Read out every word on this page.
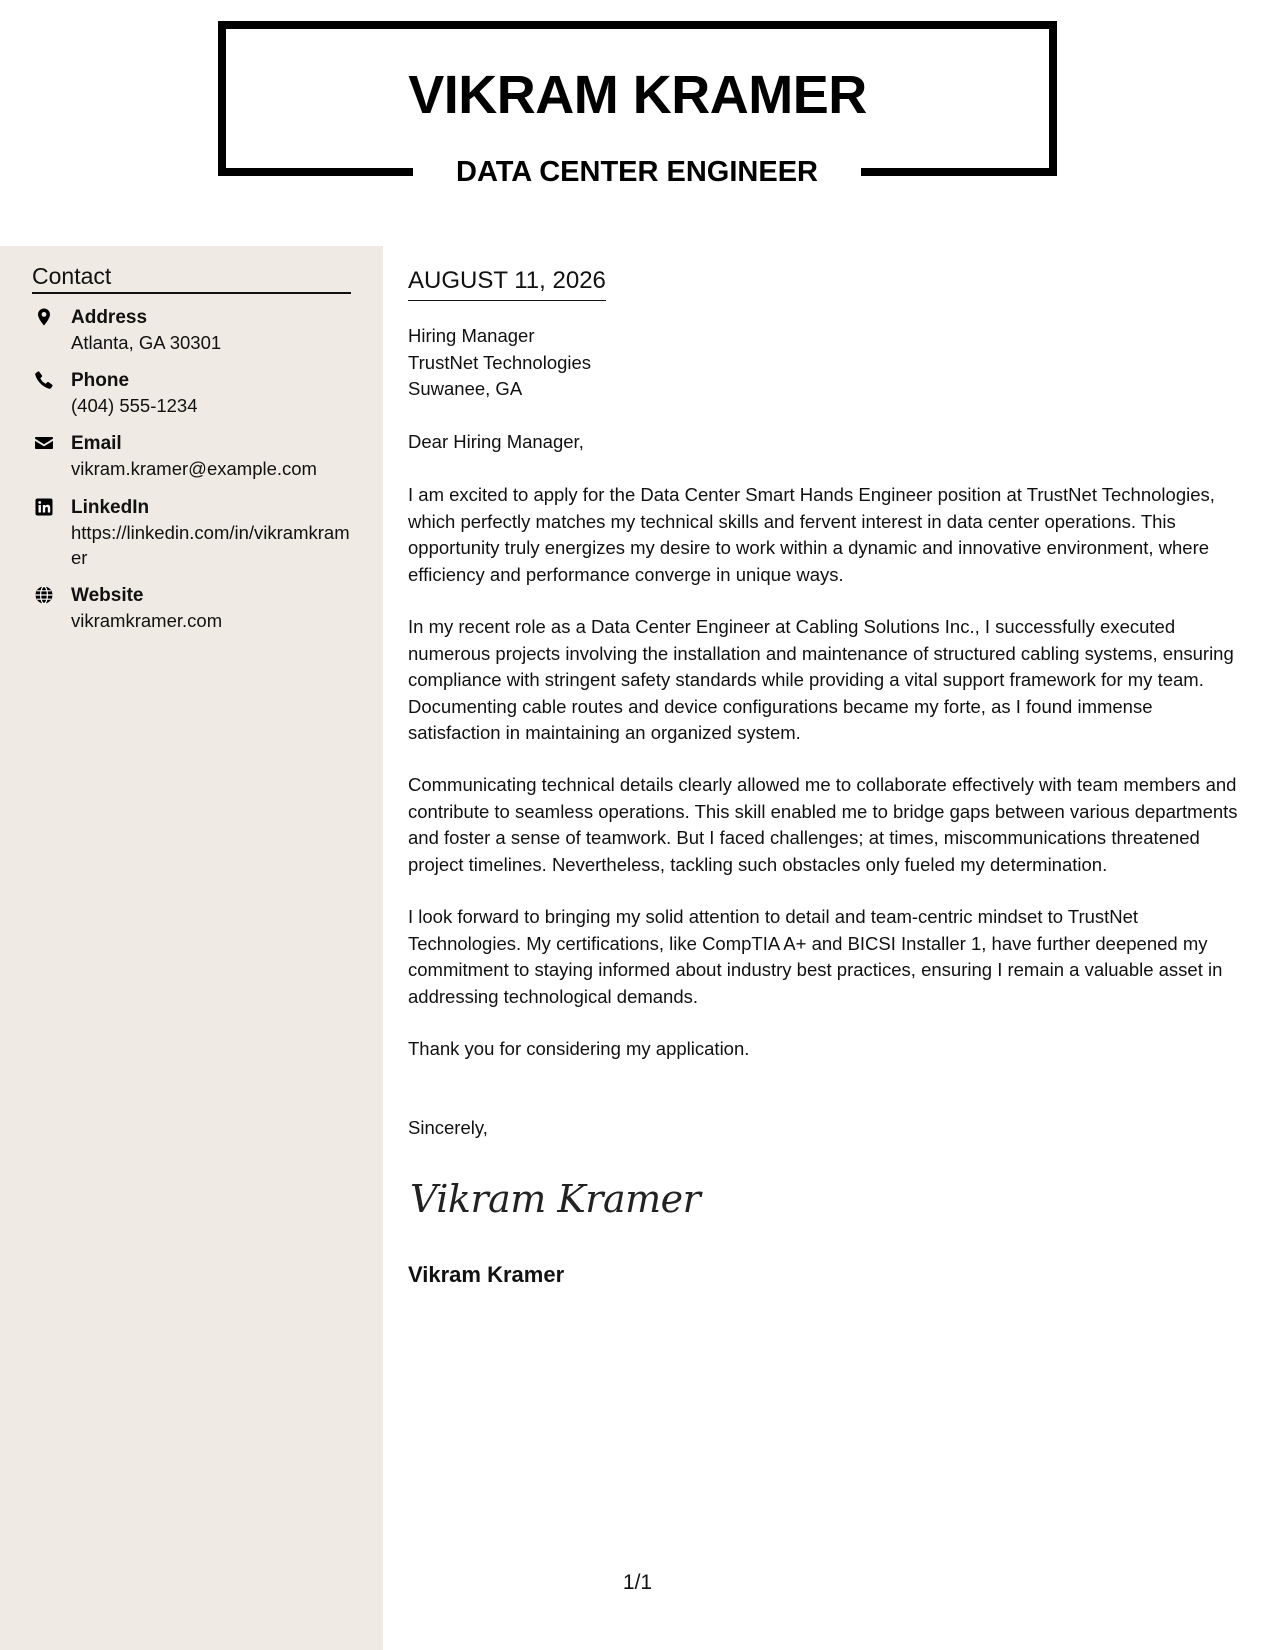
VIKRAM KRAMER
DATA CENTER ENGINEER
Contact
Address
Atlanta, GA 30301
Phone
(404) 555-1234
Email
vikram.kramer@example.com
LinkedIn
https://linkedin.com/in/vikramkramer
Website
vikramkramer.com
AUGUST 11, 2026
Hiring Manager
TrustNet Technologies
Suwanee, GA

Dear Hiring Manager,

I am excited to apply for the Data Center Smart Hands Engineer position at TrustNet Technologies, which perfectly matches my technical skills and fervent interest in data center operations. This opportunity truly energizes my desire to work within a dynamic and innovative environment, where efficiency and performance converge in unique ways.

In my recent role as a Data Center Engineer at Cabling Solutions Inc., I successfully executed numerous projects involving the installation and maintenance of structured cabling systems, ensuring compliance with stringent safety standards while providing a vital support framework for my team. Documenting cable routes and device configurations became my forte, as I found immense satisfaction in maintaining an organized system.

Communicating technical details clearly allowed me to collaborate effectively with team members and contribute to seamless operations. This skill enabled me to bridge gaps between various departments and foster a sense of teamwork. But I faced challenges; at times, miscommunications threatened project timelines. Nevertheless, tackling such obstacles only fueled my determination.

I look forward to bringing my solid attention to detail and team-centric mindset to TrustNet Technologies. My certifications, like CompTIA A+ and BICSI Installer 1, have further deepened my commitment to staying informed about industry best practices, ensuring I remain a valuable asset in addressing technological demands.

Thank you for considering my application.

Sincerely,

Vikram Kramer
Vikram Kramer
1/1
